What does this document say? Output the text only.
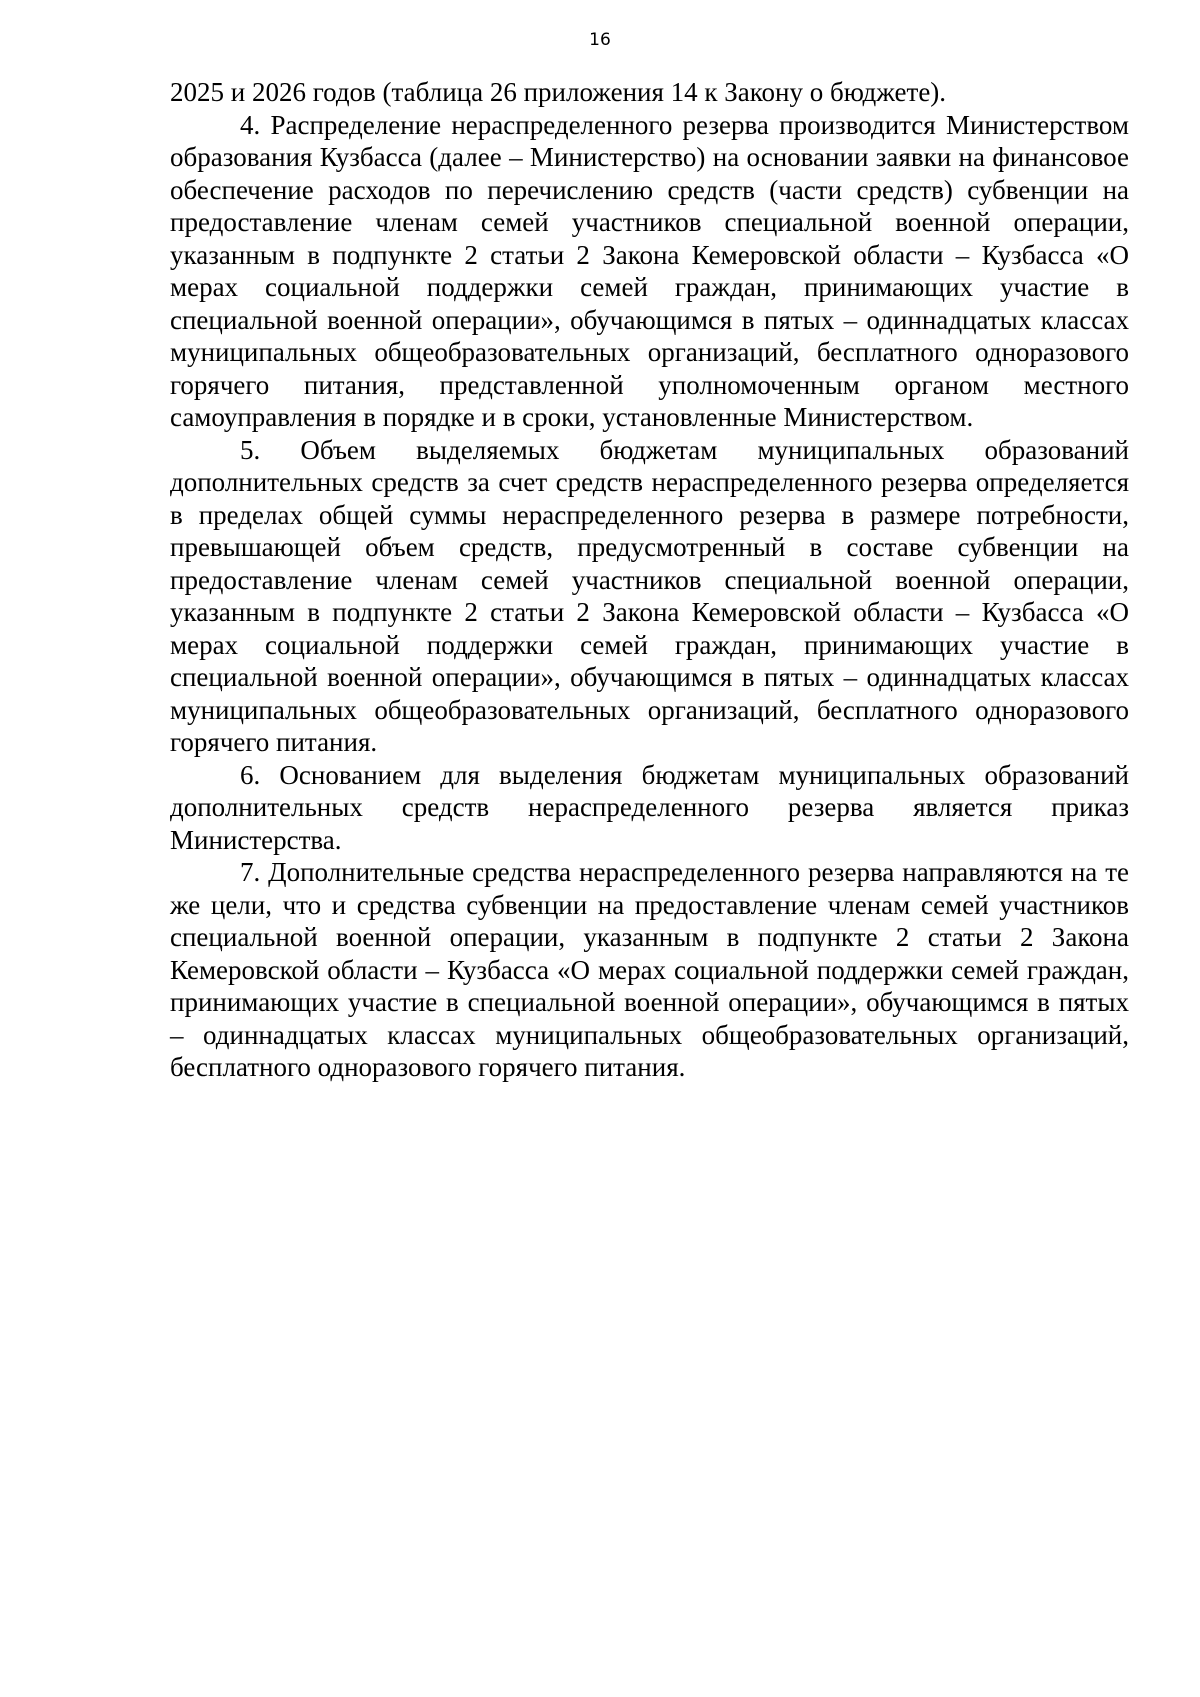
16

2025 и 2026 годов (таблица 26 приложения 14 к Закону о бюджете).

4. Распределение нераспределенного резерва производится Министерством образования Кузбасса (далее – Министерство) на основании заявки на финансовое обеспечение расходов по перечислению средств (части средств) субвенции на предоставление членам семей участников специальной военной операции, указанным в подпункте 2 статьи 2 Закона Кемеровской области – Кузбасса «О мерах социальной поддержки семей граждан, принимающих участие в специальной военной операции», обучающимся в пятых – одиннадцатых классах муниципальных общеобразовательных организаций, бесплатного одноразового горячего питания, представленной уполномоченным органом местного самоуправления в порядке и в сроки, установленные Министерством.

5. Объем выделяемых бюджетам муниципальных образований дополнительных средств за счет средств нераспределенного резерва определяется в пределах общей суммы нераспределенного резерва в размере потребности, превышающей объем средств, предусмотренный в составе субвенции на предоставление членам семей участников специальной военной операции, указанным в подпункте 2 статьи 2 Закона Кемеровской области – Кузбасса «О мерах социальной поддержки семей граждан, принимающих участие в специальной военной операции», обучающимся в пятых – одиннадцатых классах муниципальных общеобразовательных организаций, бесплатного одноразового горячего питания.

6. Основанием для выделения бюджетам муниципальных образований дополнительных средств нераспределенного резерва является приказ Министерства.

7. Дополнительные средства нераспределенного резерва направляются на те же цели, что и средства субвенции на предоставление членам семей участников специальной военной операции, указанным в подпункте 2 статьи 2 Закона Кемеровской области – Кузбасса «О мерах социальной поддержки семей граждан, принимающих участие в специальной военной операции», обучающимся в пятых – одиннадцатых классах муниципальных общеобразовательных организаций, бесплатного одноразового горячего питания.
